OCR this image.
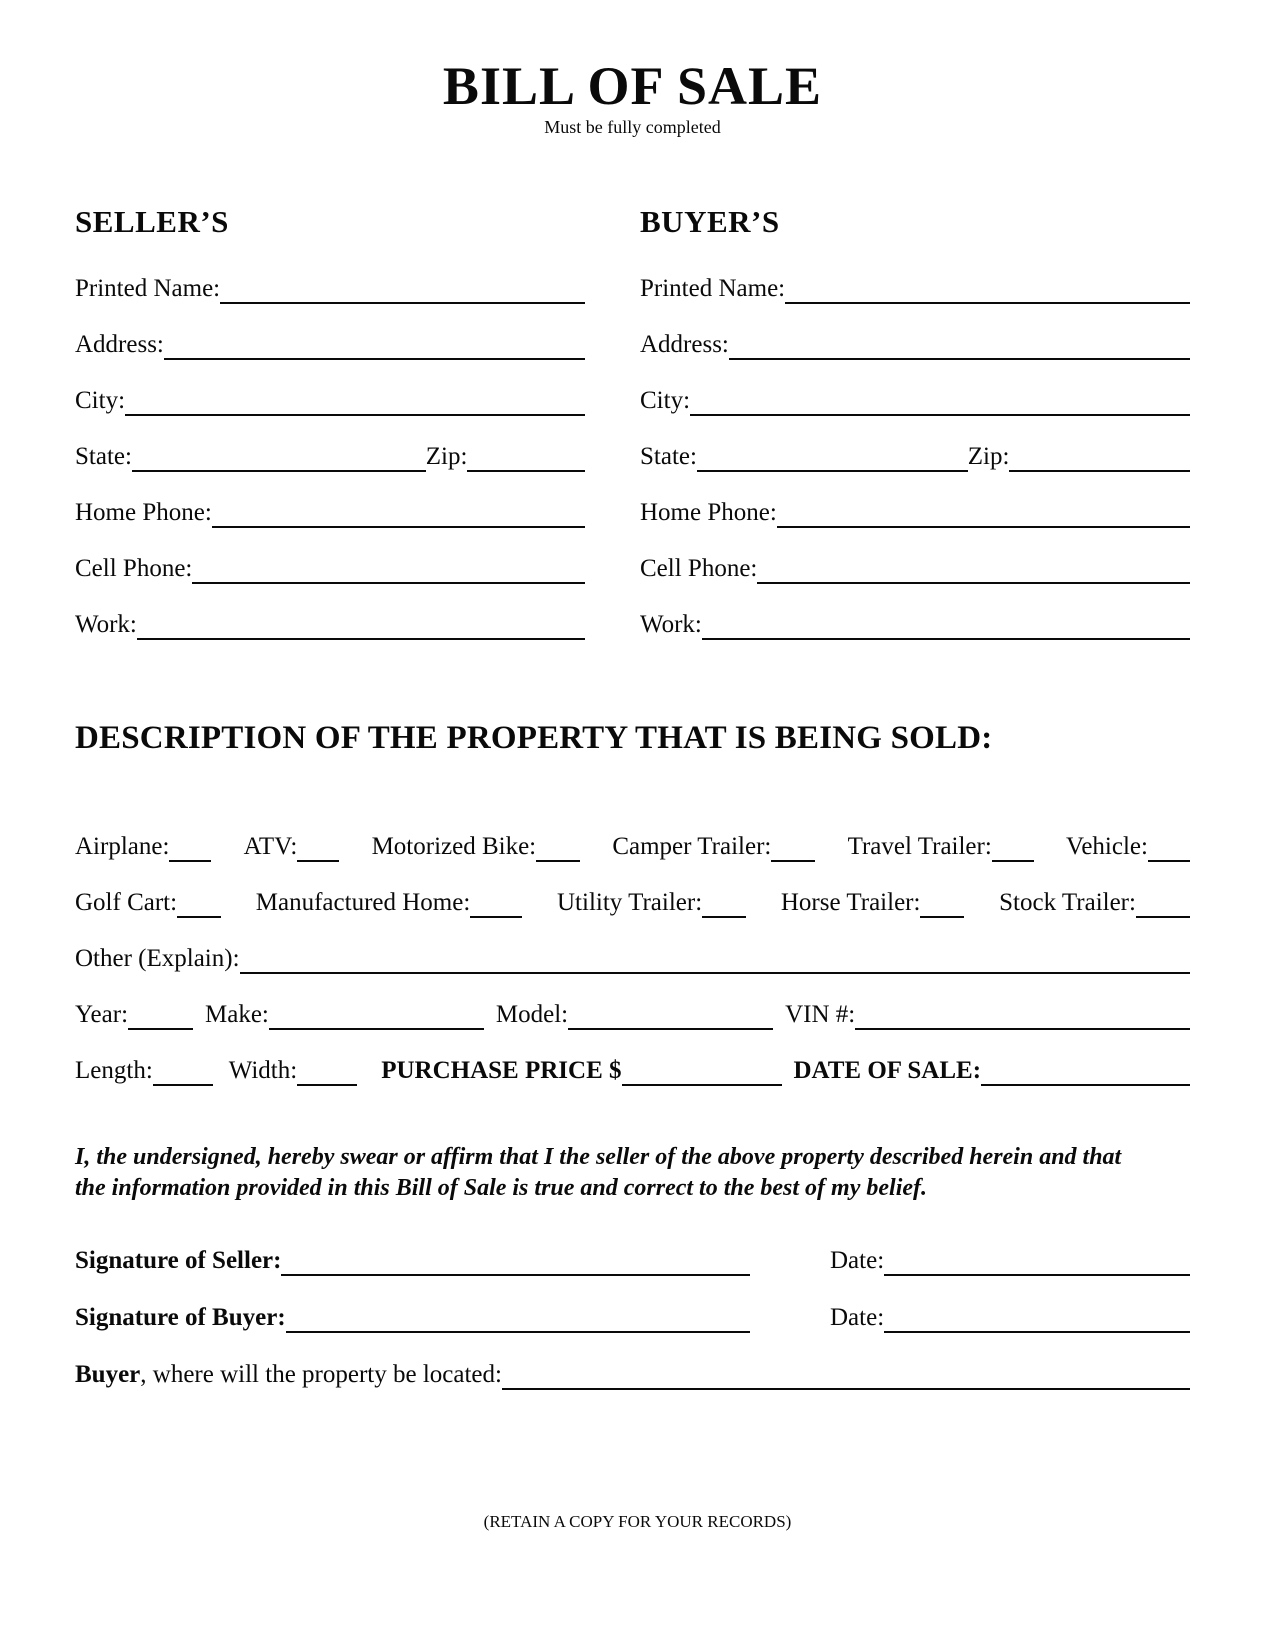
BILL OF SALE
Must be fully completed
SELLER’S
Printed Name:
Address:
City:
State:	Zip:
Home Phone:
Cell Phone:
Work:
BUYER’S
Printed Name:
Address:
City:
State:	Zip:
Home Phone:
Cell Phone:
Work:
DESCRIPTION OF THE PROPERTY THAT IS BEING SOLD:
Airplane:	ATV:	Motorized Bike:	Camper Trailer:	Travel Trailer:	Vehicle:
Golf Cart:	Manufactured Home:	Utility Trailer:	Horse Trailer:	Stock Trailer:
Other (Explain):
Year:	Make:	Model:	VIN #:
Length:	Width:	PURCHASE PRICE $	DATE OF SALE:

I, the undersigned, hereby swear or affirm that I the seller of the above property described herein and that the information provided in this Bill of Sale is true and correct to the best of my belief.

Signature of Seller:	Date:
Signature of Buyer:	Date:
Buyer , where will the property be located:
(RETAIN A COPY FOR YOUR RECORDS)
